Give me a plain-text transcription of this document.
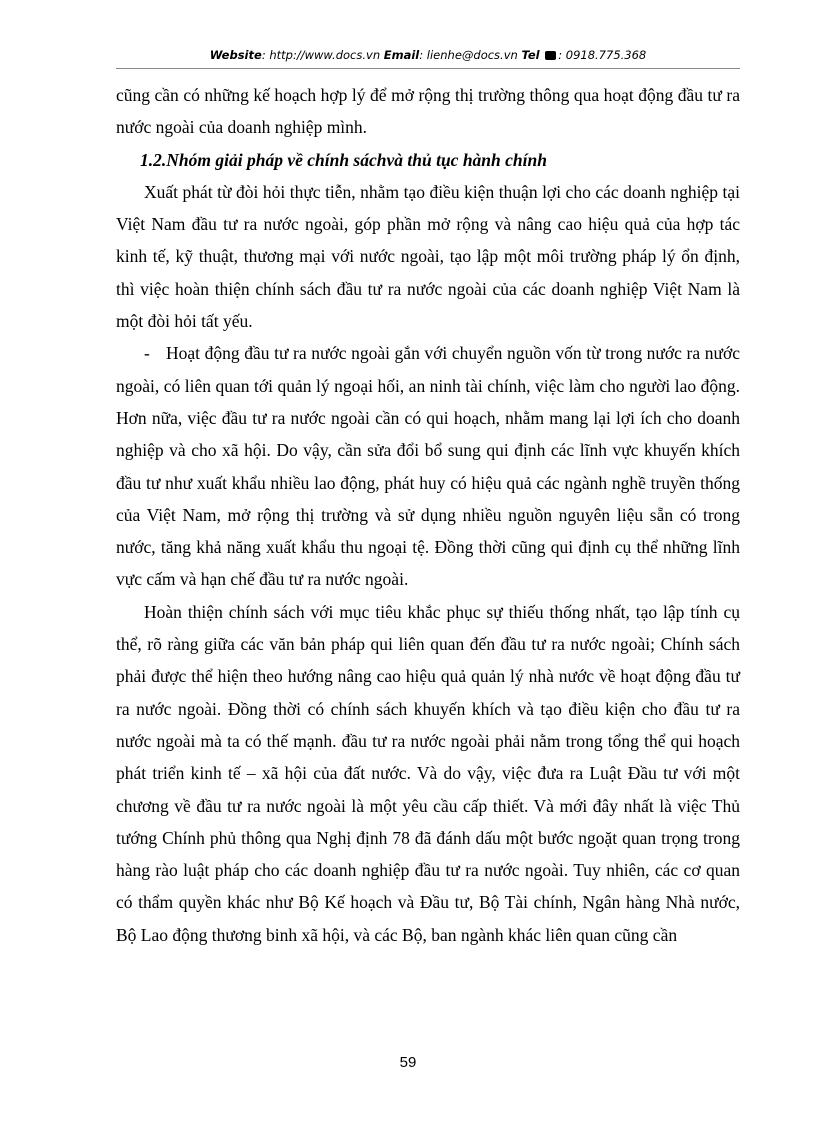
Website: http://www.docs.vn Email: lienhe@docs.vn Tel : 0918.775.368

cũng cần có những kế hoạch hợp lý để mở rộng thị trường thông qua hoạt động đầu tư ra nước ngoài của doanh nghiệp mình.

1.2.Nhóm giải pháp về chính sáchvà thủ tục hành chính

Xuất phát từ đòi hỏi thực tiễn, nhằm tạo điều kiện thuận lợi cho các doanh nghiệp tại Việt Nam đầu tư ra nước ngoài, góp phần mở rộng và nâng cao hiệu quả của hợp tác kinh tế, kỹ thuật, thương mại với nước ngoài, tạo lập một môi trường pháp lý ổn định, thì việc hoàn thiện chính sách đầu tư ra nước ngoài của các doanh nghiệp Việt Nam là một đòi hỏi tất yếu.

- Hoạt động đầu tư ra nước ngoài gắn với chuyển nguồn vốn từ trong nước ra nước ngoài, có liên quan tới quản lý ngoại hối, an ninh tài chính, việc làm cho người lao động. Hơn nữa, việc đầu tư ra nước ngoài cần có qui hoạch, nhằm mang lại lợi ích cho doanh nghiệp và cho xã hội. Do vậy, cần sửa đổi bổ sung qui định các lĩnh vực khuyến khích đầu tư như xuất khẩu nhiều lao động, phát huy có hiệu quả các ngành nghề truyền thống của Việt Nam, mở rộng thị trường và sử dụng nhiều nguồn nguyên liệu sẵn có trong nước, tăng khả năng xuất khẩu thu ngoại tệ. Đồng thời cũng qui định cụ thể những lĩnh vực cấm và hạn chế đầu tư ra nước ngoài.

Hoàn thiện chính sách với mục tiêu khắc phục sự thiếu thống nhất, tạo lập tính cụ thể, rõ ràng giữa các văn bản pháp qui liên quan đến đầu tư ra nước ngoài; Chính sách phải được thể hiện theo hướng nâng cao hiệu quả quản lý nhà nước về hoạt động đầu tư ra nước ngoài. Đồng thời có chính sách khuyến khích và tạo điều kiện cho đầu tư ra nước ngoài mà ta có thế mạnh. đầu tư ra nước ngoài phải nằm trong tổng thể qui hoạch phát triển kinh tế – xã hội của đất nước. Và do vậy, việc đưa ra Luật Đầu tư với một chương về đầu tư ra nước ngoài là một yêu cầu cấp thiết. Và mới đây nhất là việc Thủ tướng Chính phủ thông qua Nghị định 78 đã đánh dấu một bước ngoặt quan trọng trong hàng rào luật pháp cho các doanh nghiệp đầu tư ra nước ngoài. Tuy nhiên, các cơ quan có thẩm quyền khác như Bộ Kế hoạch và Đầu tư, Bộ Tài chính, Ngân hàng Nhà nước, Bộ Lao động thương binh xã hội, và các Bộ, ban ngành khác liên quan cũng cần

59
